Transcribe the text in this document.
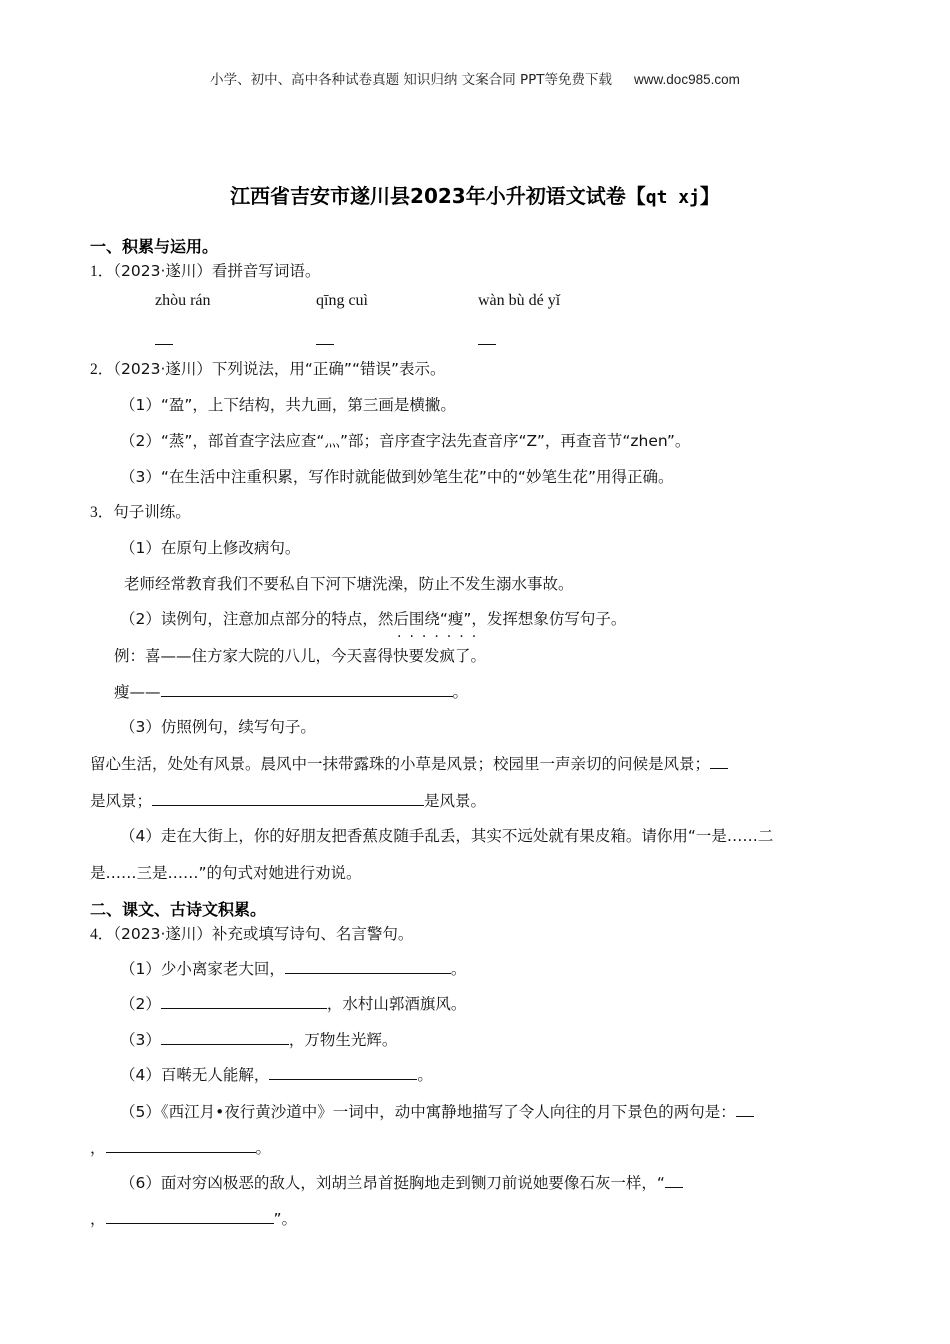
小学、初中、高中各种试卷真题 知识归纳 文案合同 PPT等免费下载 www.doc985.com
江西省吉安市遂川县2023年小升初语文试卷【qt xj】
一、积累与运用。
1．（2023·遂川）看拼音写词语。
zhòu rán	qīng cuì	wàn bù dé yǐ
2．（2023·遂川）下列说法，用“正确”“错误”表示。
（1）“盈”，上下结构，共九画，第三画是横撇。
（2）“蒸”，部首查字法应查“灬”部；音序查字法先查音序“Z”，再查音节“zhen”。
（3）“在生活中注重积累，写作时就能做到妙笔生花”中的“妙笔生花”用得正确。
3．句子训练。
（1）在原句上修改病句。
老师经常教育我们不要私自下河下塘洗澡，防止不发生溺水事故。
（2）读例句，注意加点部分的特点，然后围绕“瘦”，发挥想象仿写句子。
·······
例：喜——住方家大院的八儿，今天喜得快要发疯了。
瘦——	。
（3）仿照例句，续写句子。
留心生活，处处有风景。晨风中一抹带露珠的小草是风景；校园里一声亲切的问候是风景；
是风景；	是风景。
（4）走在大街上，你的好朋友把香蕉皮随手乱丢，其实不远处就有果皮箱。请你用“一是……二
是……三是……”的句式对她进行劝说。
二、课文、古诗文积累。
4．（2023·遂川）补充或填写诗句、名言警句。
（1）少小离家老大回，	。
（2）	，水村山郭酒旗风。
（3）	，万物生光辉。
（4）百啭无人能解，	。
（5）《西江月•夜行黄沙道中》一词中，动中寓静地描写了令人向往的月下景色的两句是：
，	。
（6）面对穷凶极恶的敌人，刘胡兰昂首挺胸地走到铡刀前说她要像石灰一样，“
，	”。
